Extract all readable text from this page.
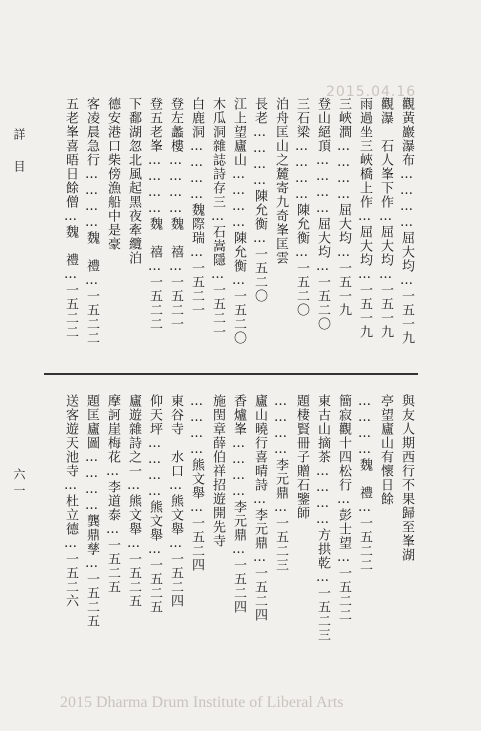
2015.04.16
詳目
六一
觀黃巖瀑布…………屈大均…一五一九
觀瀑　石人峯下作…屈大均…一五一九
雨過坐三峽橋上作…屈大均…一五一九
三峽澗…………屈大均…一五一九
登山絕頂…………屈大均…一五二〇
三石梁…………陳允衡…一五二〇
泊舟匡山之麓寄九奇峯匡雲
長老…………陳允衡…一五二〇
江上望廬山…………陳允衡…一五二〇
木瓜洞雜誌詩存三…石嵩隱…一五二一
白鹿洞…………魏際瑞…一五二一
登左蠡樓…………魏　禧…一五二一
登五老峯…………魏　禧…一五二二
下鄱湖忽北風起黑夜牽纜泊
德安港口柴傍漁船中是豪
客凌晨急行…………魏　禮…一五二二
五老峯喜晤日餘僧…魏　禮…一五二二
與友人期西行不果歸至峯湖
亭望廬山有懷日餘
…………魏　禮…一五二二
簡寂觀十四松行…彭士望…一五二二
東古山摘茶…………方拱乾…一五二三
題棲賢冊子贈石鑒師
…………李元鼎…一五二三
廬山曉行喜晴詩…李元鼎…一五二四
香爐峯…………李元鼎…一五二四
施閏章薛伯祥招遊開先寺
…………熊文舉…一五二四
東谷寺　水口…熊文舉…一五二四
仰天坪…………熊文舉…一五二五
廬遊雜詩之一…熊文舉…一五二五
摩訶崖梅花…李道泰…一五二五
題匡廬圖…………龔鼎孳…一五二五
送客遊天池寺…杜立德…一五二六
2015 Dharma Drum Institute of Liberal Arts
